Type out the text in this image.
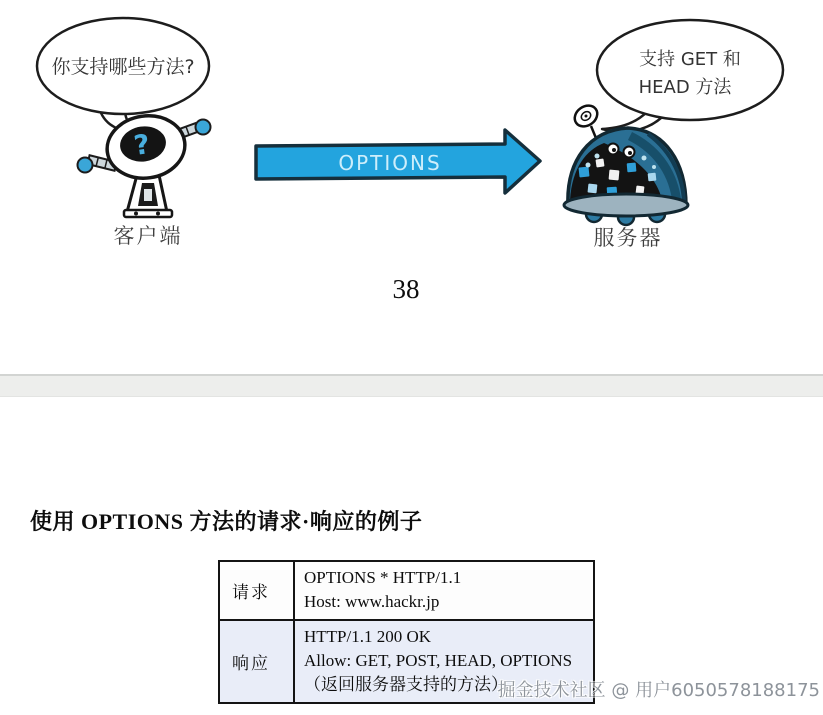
你支持哪些方法?
?
客户端
OPTIONS
支持 GET 和
HEAD 方法
服务器
38
使用 OPTIONS 方法的请求·响应的例子
请求
OPTIONS * HTTP/1.1
Host: www.hackr.jp
响应
HTTP/1.1 200 OK
Allow: GET, POST, HEAD, OPTIONS
（返回服务器支持的方法）
掘金技术社区 @ 用户6050578188175
